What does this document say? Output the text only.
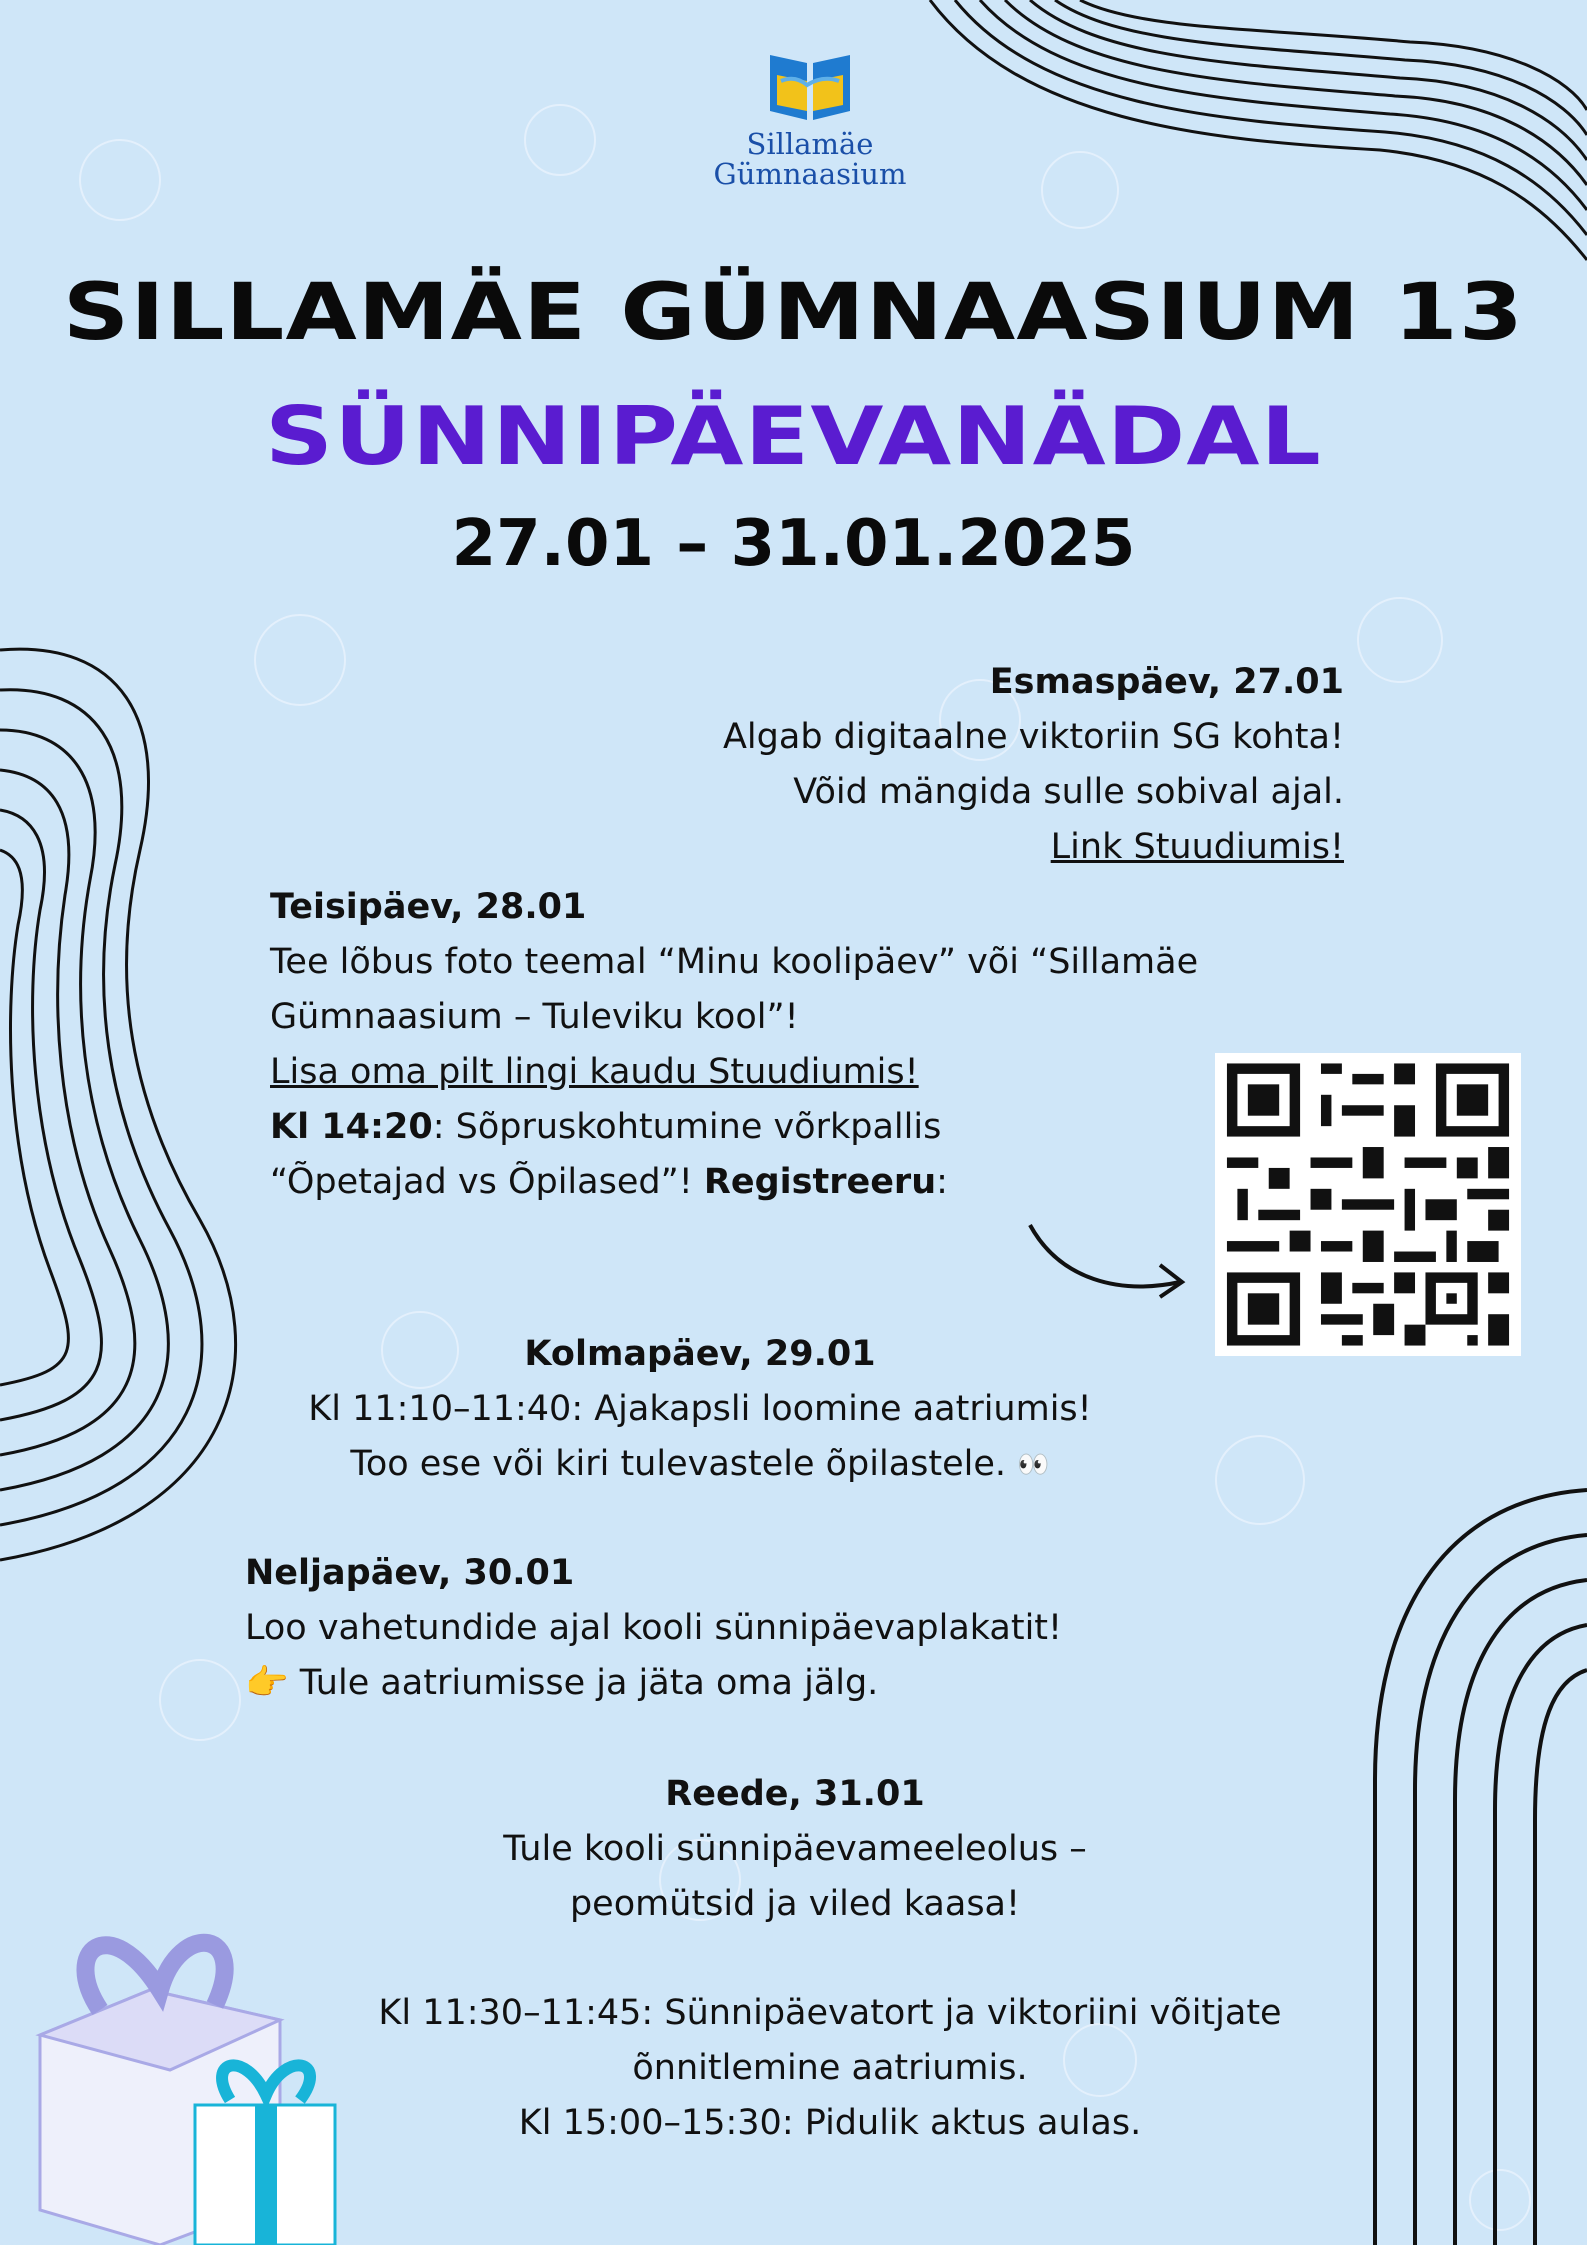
Sillamäe
Gümnaasium
SILLAMÄE GÜMNAASIUM 13
SÜNNIPÄEVANÄDAL
27.01 – 31.01.2025
Esmaspäev, 27.01
Algab digitaalne viktoriin SG kohta!
Võid mängida sulle sobival ajal.
Link Stuudiumis!
Teisipäev, 28.01
Tee lõbus foto teemal “Minu koolipäev” või “Sillamäe
Gümnaasium – Tuleviku kool”!
Lisa oma pilt lingi kaudu Stuudiumis!
Kl 14:20: Sõpruskohtumine võrkpallis
“Õpetajad vs Õpilased”! Registreeru:
Kolmapäev, 29.01
Kl 11:10–11:40: Ajakapsli loomine aatriumis!
Too ese või kiri tulevastele õpilastele. 👀
Neljapäev, 30.01
Loo vahetundide ajal kooli sünnipäevaplakatit!
👉 Tule aatriumisse ja jäta oma jälg.
Reede, 31.01
Tule kooli sünnipäevameeleolus –
peomütsid ja viled kaasa!
Kl 11:30–11:45: Sünnipäevatort ja viktoriini võitjate
õnnitlemine aatriumis.
Kl 15:00–15:30: Pidulik aktus aulas.
